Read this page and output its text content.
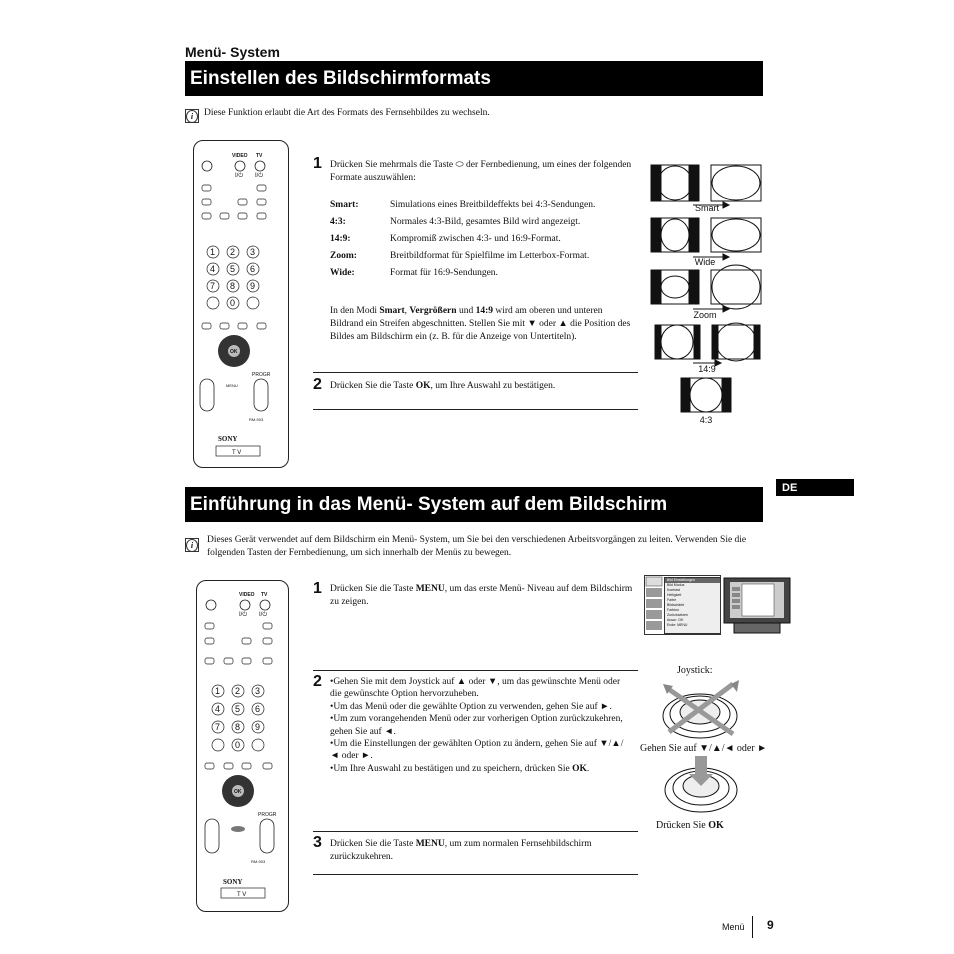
Menü- System
Einstellen des Bildschirmformats
i	Diese Funktion erlaubt die Art des Formats des Fernsehbildes zu wechseln.
VIDEO TV
I/⏻ I/⏻
1 2 3
4 5 6
7 8 9
0
OK
PROGR
MENU
RM-903
SONY
T V
1 Drücken Sie mehrmals die Taste ⬭ der Fernbedienung, um eines der folgenden Formate auszuwählen:
Smart:	Simulations eines Breitbildeffekts bei 4:3-Sendungen.
4:3:	Normales 4:3-Bild, gesamtes Bild wird angezeigt.
14:9:	Kompromiß zwischen 4:3- und 16:9-Format.
Zoom:	Breitbildformat für Spielfilme im Letterbox-Format.
Wide:	Format für 16:9-Sendungen.
In den Modi Smart, Vergrößern und 14:9 wird am oberen und unteren Bildrand ein Streifen abgeschnitten. Stellen Sie mit ▼ oder ▲ die Position des Bildes am Bildschirm ein (z. B. für die Anzeige von Untertiteln).
2 Drücken Sie die Taste OK, um Ihre Auswahl zu bestätigen.
Smart
Wide
Zoom
14:9
4:3
DE
Einführung in das Menü- System auf dem Bildschirm
i	Dieses Gerät verwendet auf dem Bildschirm ein Menü- System, um Sie bei den verschiedenen Arbeitsvorgängen zu leiten. Verwenden Sie die folgenden Tasten der Fernbedienung, um sich innerhalb der Menüs zu bewegen.
VIDEO TV
I/⏻ I/⏻
1 2 3
4 5 6
7 8 9
0
OK
PROGR
RM-903
SONY
T V
1 Drücken Sie die Taste MENU, um das erste Menü- Niveau auf dem Bildschirm zu zeigen.
Bild Einstellungen
Bild Modus
Kontrast
Helligkeit
Farbe
Bildschärfe
Farbton
Zurücksetzen
Ausw.: OK
Ende: MENU
2 •Gehen Sie mit dem Joystick auf ▲ oder ▼, um das gewünschte Menü oder die gewünschte Option hervorzuheben.
•Um das Menü oder die gewählte Option zu verwenden, gehen Sie auf ►.
•Um zum vorangehenden Menü oder zur vorherigen Option zurückzukehren, gehen Sie auf ◄.
•Um die Einstellungen der gewählten Option zu ändern, gehen Sie auf ▼/▲/◄ oder ►.
•Um Ihre Auswahl zu bestätigen und zu speichern, drücken Sie OK.
Joystick:
Gehen Sie auf ▼/▲/◄ oder ►
Drücken Sie OK
3 Drücken Sie die Taste MENU, um zum normalen Fernsehbildschirm zurückzukehren.
Menü 9
